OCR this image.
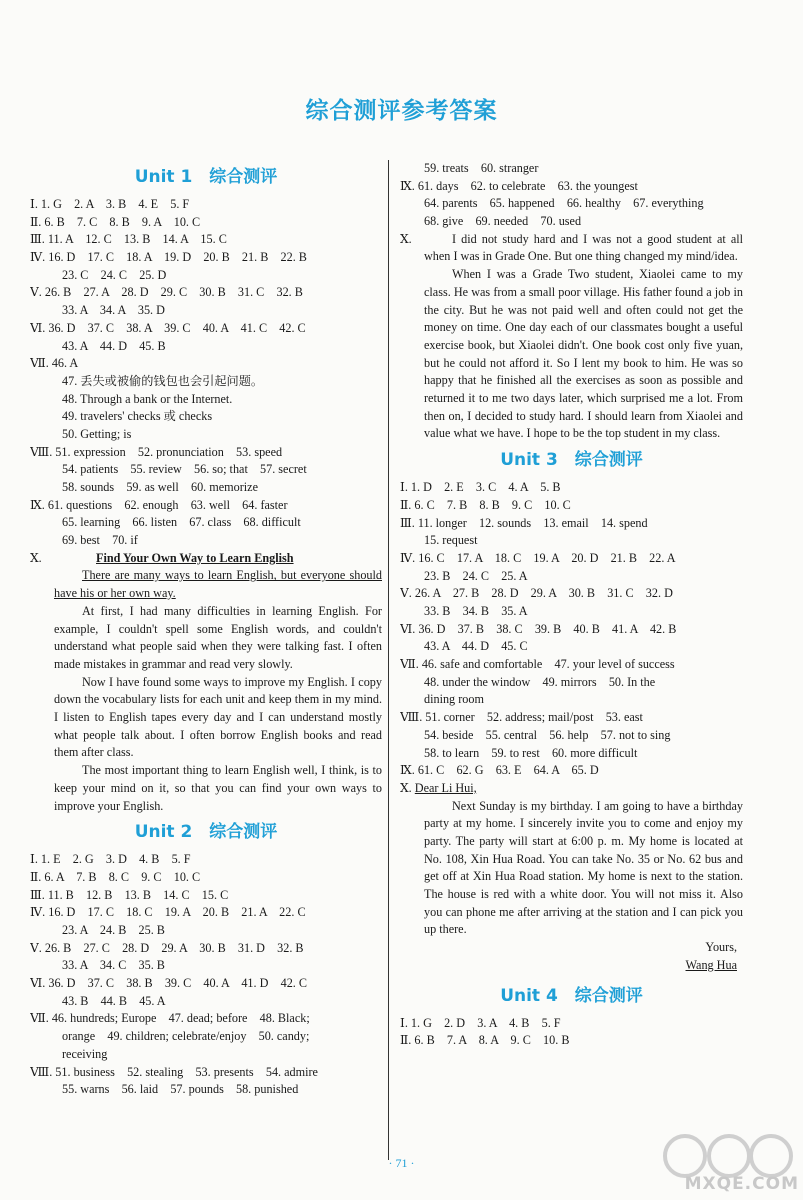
综合测评参考答案
Unit 1　综合测评
Ⅰ. 1. G　2. A　3. B　4. E　5. F
Ⅱ. 6. B　7. C　8. B　9. A　10. C
Ⅲ. 11. A　12. C　13. B　14. A　15. C
Ⅳ. 16. D　17. C　18. A　19. D　20. B　21. B　22. B
23. C　24. C　25. D
Ⅴ. 26. B　27. A　28. D　29. C　30. B　31. C　32. B
33. A　34. A　35. D
Ⅵ. 36. D　37. C　38. A　39. C　40. A　41. C　42. C
43. A　44. D　45. B
Ⅶ. 46. A
47. 丢失或被偷的钱包也会引起问题。
48. Through a bank or the Internet.
49. travelers' checks 或 checks
50. Getting; is
Ⅷ. 51. expression　52. pronunciation　53. speed
54. patients　55. review　56. so; that　57. secret
58. sounds　59. as well　60. memorize
Ⅸ. 61. questions　62. enough　63. well　64. faster
65. learning　66. listen　67. class　68. difficult
69. best　70. if
Ⅹ.	Find Your Own Way to Learn English

There are many ways to learn English, but everyone should have his or her own way.

At first, I had many difficulties in learning English. For example, I couldn't spell some English words, and couldn't understand what people said when they were talking fast. I often made mistakes in grammar and read very slowly.

Now I have found some ways to improve my English. I copy down the vocabulary lists for each unit and keep them in my mind. I listen to English tapes every day and I can understand mostly what people talk about. I often borrow English books and read them after class.

The most important thing to learn English well, I think, is to keep your mind on it, so that you can find your own ways to improve your English.

Unit 2　综合测评
Ⅰ. 1. E　2. G　3. D　4. B　5. F
Ⅱ. 6. A　7. B　8. C　9. C　10. C
Ⅲ. 11. B　12. B　13. B　14. C　15. C
Ⅳ. 16. D　17. C　18. C　19. A　20. B　21. A　22. C
23. A　24. B　25. B
Ⅴ. 26. B　27. C　28. D　29. A　30. B　31. D　32. B
33. A　34. C　35. B
Ⅵ. 36. D　37. C　38. B　39. C　40. A　41. D　42. C
43. B　44. B　45. A
Ⅶ. 46. hundreds; Europe　47. dead; before　48. Black;
orange　49. children; celebrate/enjoy　50. candy;
receiving
Ⅷ. 51. business　52. stealing　53. presents　54. admire
55. warns　56. laid　57. pounds　58. punished
59. treats　60. stranger
Ⅸ. 61. days　62. to celebrate　63. the youngest
64. parents　65. happened　66. healthy　67. everything
68. give　69. needed　70. used
Ⅹ.	I did not study hard and I was not a good student at all when I was in Grade One. But one thing changed my mind/idea.

When I was a Grade Two student, Xiaolei came to my class. He was from a small poor village. His father found a job in the city. But he was not paid well and often could not get the money on time. One day each of our classmates bought a useful exercise book, but Xiaolei didn't. One book cost only five yuan, but he could not afford it. So I lent my book to him. He was so happy that he finished all the exercises as soon as possible and returned it to me two days later, which surprised me a lot. From then on, I decided to study hard. I should learn from Xiaolei and value what we have. I hope to be the top student in my class.

Unit 3　综合测评
Ⅰ. 1. D　2. E　3. C　4. A　5. B
Ⅱ. 6. C　7. B　8. B　9. C　10. C
Ⅲ. 11. longer　12. sounds　13. email　14. spend
15. request
Ⅳ. 16. C　17. A　18. C　19. A　20. D　21. B　22. A
23. B　24. C　25. A
Ⅴ. 26. A　27. B　28. D　29. A　30. B　31. C　32. D
33. B　34. B　35. A
Ⅵ. 36. D　37. B　38. C　39. B　40. B　41. A　42. B
43. A　44. D　45. C
Ⅶ. 46. safe and comfortable　47. your level of success
48. under the window　49. mirrors　50. In the
dining room
Ⅷ. 51. corner　52. address; mail/post　53. east
54. beside　55. central　56. help　57. not to sing
58. to learn　59. to rest　60. more difficult
Ⅸ. 61. C　62. G　63. E　64. A　65. D
Ⅹ. Dear Li Hui,

Next Sunday is my birthday. I am going to have a birthday party at my home. I sincerely invite you to come and enjoy my party. The party will start at 6:00 p. m. My home is located at No. 108, Xin Hua Road. You can take No. 35 or No. 62 bus and get off at Xin Hua Road station. My home is next to the station. The house is red with a white door. You will not miss it. Also you can phone me after arriving at the station and I can pick you up there.

Yours,
Wang Hua
Unit 4　综合测评
Ⅰ. 1. G　2. D　3. A　4. B　5. F
Ⅱ. 6. B　7. A　8. A　9. C　10. B
· 71 ·
MXQE.COM
